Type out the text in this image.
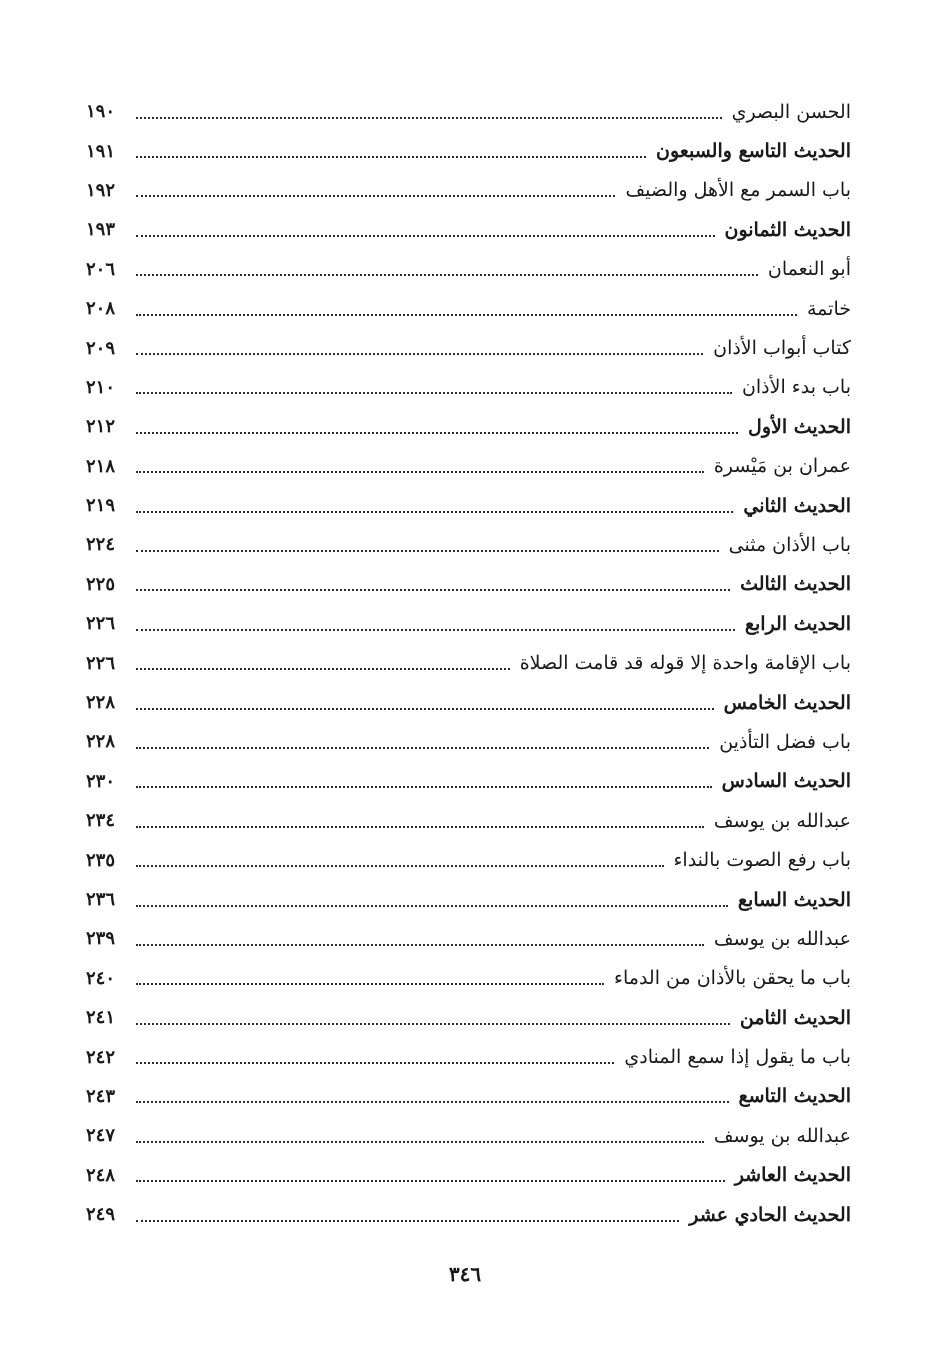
الحسن البصري
١٩٠
الحديث التاسع والسبعون
١٩١
باب السمر مع الأهل والضيف
١٩٢
الحديث الثمانون
١٩٣
أبو النعمان
٢٠٦
خاتمة
٢٠٨
كتاب أبواب الأذان
٢٠٩
باب بدء الأذان
٢١٠
الحديث الأول
٢١٢
عمران بن مَيْسرة
٢١٨
الحديث الثاني
٢١٩
باب الأذان مثنى
٢٢٤
الحديث الثالث
٢٢٥
الحديث الرابع
٢٢٦
باب الإقامة واحدة إلا قوله قد قامت الصلاة
٢٢٦
الحديث الخامس
٢٢٨
باب فضل التأذين
٢٢٨
الحديث السادس
٢٣٠
عبدالله بن يوسف
٢٣٤
باب رفع الصوت بالنداء
٢٣٥
الحديث السابع
٢٣٦
عبدالله بن يوسف
٢٣٩
باب ما يحقن بالأذان من الدماء
٢٤٠
الحديث الثامن
٢٤١
باب ما يقول إذا سمع المنادي
٢٤٢
الحديث التاسع
٢٤٣
عبدالله بن يوسف
٢٤٧
الحديث العاشر
٢٤٨
الحديث الحادي عشر
٢٤٩
٣٤٦
